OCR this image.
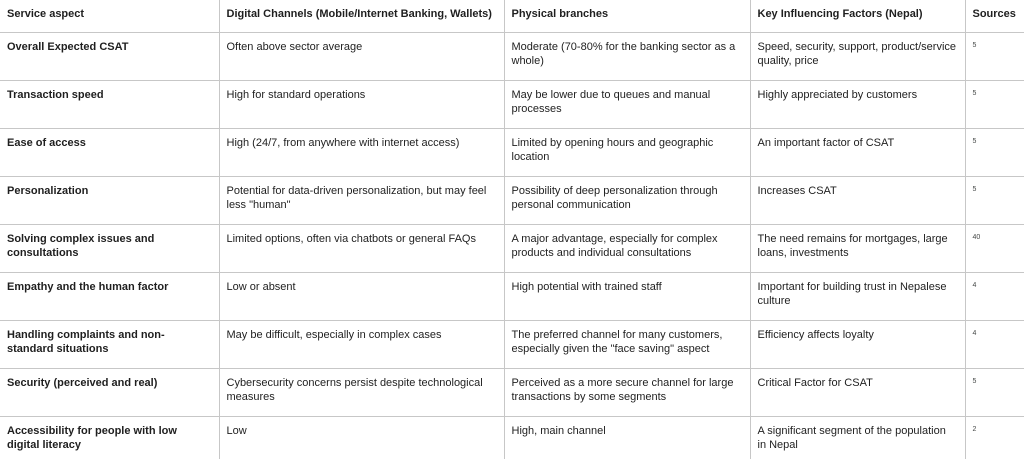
Service aspect	Digital Channels (Mobile/Internet Banking, Wallets)	Physical branches	Key Influencing Factors (Nepal)	Sources
Overall Expected CSAT	Often above sector average	Moderate (70-80% for the banking sector as a whole)	Speed, security, support, product/service quality, price	5
Transaction speed	High for standard operations	May be lower due to queues and manual processes	Highly appreciated by customers	5
Ease of access	High (24/7, from anywhere with internet access)	Limited by opening hours and geographic location	An important factor of CSAT	5
Personalization	Potential for data-driven personalization, but may feel less "human"	Possibility of deep personalization through personal communication	Increases CSAT	5
Solving complex issues and consultations	Limited options, often via chatbots or general FAQs	A major advantage, especially for complex products and individual consultations	The need remains for mortgages, large loans, investments	40
Empathy and the human factor	Low or absent	High potential with trained staff	Important for building trust in Nepalese culture	4
Handling complaints and non-standard situations	May be difficult, especially in complex cases	The preferred channel for many customers, especially given the "face saving" aspect	Efficiency affects loyalty	4
Security (perceived and real)	Cybersecurity concerns persist despite technological measures	Perceived as a more secure channel for large transactions by some segments	Critical Factor for CSAT	5
Accessibility for people with low digital literacy	Low	High, main channel	A significant segment of the population in Nepal	2
